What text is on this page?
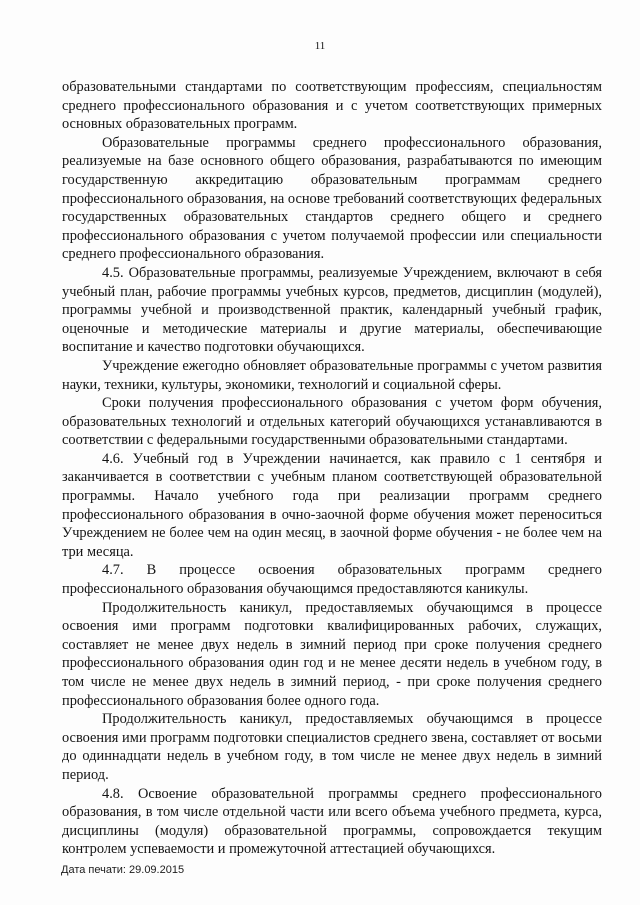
11

образовательными стандартами по соответствующим профессиям, специальностям среднего профессионального образования и с учетом соответствующих примерных основных образовательных программ.

Образовательные программы среднего профессионального образования, реализуемые на базе основного общего образования, разрабатываются по имеющим государственную аккредитацию образовательным программам среднего профессионального образования, на основе требований соответствующих федеральных государственных образовательных стандартов среднего общего и среднего профессионального образования с учетом получаемой профессии или специальности среднего профессионального образования.

4.5. Образовательные программы, реализуемые Учреждением, включают в себя учебный план, рабочие программы учебных курсов, предметов, дисциплин (модулей), программы учебной и производственной практик, календарный учебный график, оценочные и методические материалы и другие материалы, обеспечивающие воспитание и качество подготовки обучающихся.

Учреждение ежегодно обновляет образовательные программы с учетом развития науки, техники, культуры, экономики, технологий и социальной сферы.

Сроки получения профессионального образования с учетом форм обучения, образовательных технологий и отдельных категорий обучающихся устанавливаются в соответствии с федеральными государственными образовательными стандартами.

4.6. Учебный год в Учреждении начинается, как правило с 1 сентября и заканчивается в соответствии с учебным планом соответствующей образовательной программы. Начало учебного года при реализации программ среднего профессионального образования в очно-заочной форме обучения может переноситься Учреждением не более чем на один месяц, в заочной форме обучения - не более чем на три месяца.

4.7. В процессе освоения образовательных программ среднего профессионального образования обучающимся предоставляются каникулы.

Продолжительность каникул, предоставляемых обучающимся в процессе освоения ими программ подготовки квалифицированных рабочих, служащих, составляет не менее двух недель в зимний период при сроке получения среднего профессионального образования один год и не менее десяти недель в учебном году, в том числе не менее двух недель в зимний период, - при сроке получения среднего профессионального образования более одного года.

Продолжительность каникул, предоставляемых обучающимся в процессе освоения ими программ подготовки специалистов среднего звена, составляет от восьми до одиннадцати недель в учебном году, в том числе не менее двух недель в зимний период.

4.8. Освоение образовательной программы среднего профессионального образования, в том числе отдельной части или всего объема учебного предмета, курса, дисциплины (модуля) образовательной программы, сопровождается текущим контролем успеваемости и промежуточной аттестацией обучающихся.

Дата печати: 29.09.2015
